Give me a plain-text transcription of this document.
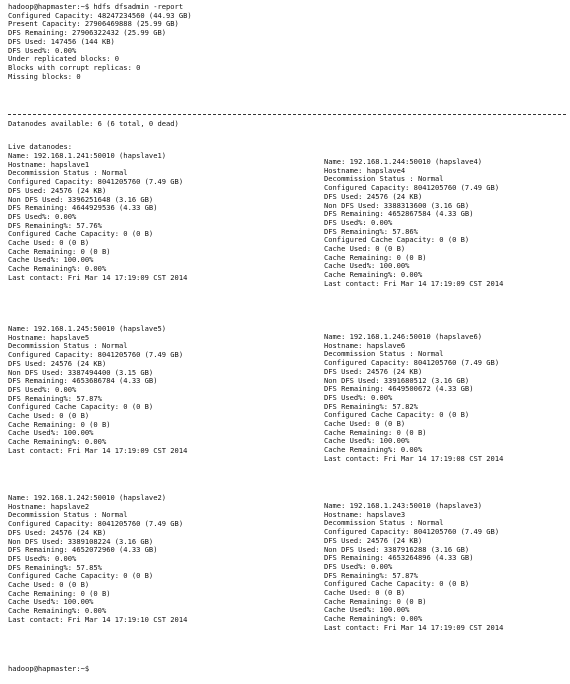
hadoop@hapmaster:~$ hdfs dfsadmin -report
Configured Capacity: 48247234560 (44.93 GB)
Present Capacity: 27906469888 (25.99 GB)
DFS Remaining: 27906322432 (25.99 GB)
DFS Used: 147456 (144 KB)
DFS Used%: 0.00%
Under replicated blocks: 0
Blocks with corrupt replicas: 0
Missing blocks: 0
Datanodes available: 6 (6 total, 0 dead)
Live datanodes:
Name: 192.168.1.241:50010 (hapslave1)
Hostname: hapslave1
Decommission Status : Normal
Configured Capacity: 8041205760 (7.49 GB)
DFS Used: 24576 (24 KB)
Non DFS Used: 3396251648 (3.16 GB)
DFS Remaining: 4644929536 (4.33 GB)
DFS Used%: 0.00%
DFS Remaining%: 57.76%
Configured Cache Capacity: 0 (0 B)
Cache Used: 0 (0 B)
Cache Remaining: 0 (0 B)
Cache Used%: 100.00%
Cache Remaining%: 0.00%
Last contact: Fri Mar 14 17:19:09 CST 2014
Name: 192.168.1.244:50010 (hapslave4)
Hostname: hapslave4
Decommission Status : Normal
Configured Capacity: 8041205760 (7.49 GB)
DFS Used: 24576 (24 KB)
Non DFS Used: 3388313600 (3.16 GB)
DFS Remaining: 4652867584 (4.33 GB)
DFS Used%: 0.00%
DFS Remaining%: 57.86%
Configured Cache Capacity: 0 (0 B)
Cache Used: 0 (0 B)
Cache Remaining: 0 (0 B)
Cache Used%: 100.00%
Cache Remaining%: 0.00%
Last contact: Fri Mar 14 17:19:09 CST 2014
Name: 192.168.1.245:50010 (hapslave5)
Hostname: hapslave5
Decommission Status : Normal
Configured Capacity: 8041205760 (7.49 GB)
DFS Used: 24576 (24 KB)
Non DFS Used: 3387494400 (3.15 GB)
DFS Remaining: 4653686784 (4.33 GB)
DFS Used%: 0.00%
DFS Remaining%: 57.87%
Configured Cache Capacity: 0 (0 B)
Cache Used: 0 (0 B)
Cache Remaining: 0 (0 B)
Cache Used%: 100.00%
Cache Remaining%: 0.00%
Last contact: Fri Mar 14 17:19:09 CST 2014
Name: 192.168.1.246:50010 (hapslave6)
Hostname: hapslave6
Decommission Status : Normal
Configured Capacity: 8041205760 (7.49 GB)
DFS Used: 24576 (24 KB)
Non DFS Used: 3391680512 (3.16 GB)
DFS Remaining: 4649500672 (4.33 GB)
DFS Used%: 0.00%
DFS Remaining%: 57.82%
Configured Cache Capacity: 0 (0 B)
Cache Used: 0 (0 B)
Cache Remaining: 0 (0 B)
Cache Used%: 100.00%
Cache Remaining%: 0.00%
Last contact: Fri Mar 14 17:19:08 CST 2014
Name: 192.168.1.242:50010 (hapslave2)
Hostname: hapslave2
Decommission Status : Normal
Configured Capacity: 8041205760 (7.49 GB)
DFS Used: 24576 (24 KB)
Non DFS Used: 3389108224 (3.16 GB)
DFS Remaining: 4652072960 (4.33 GB)
DFS Used%: 0.00%
DFS Remaining%: 57.85%
Configured Cache Capacity: 0 (0 B)
Cache Used: 0 (0 B)
Cache Remaining: 0 (0 B)
Cache Used%: 100.00%
Cache Remaining%: 0.00%
Last contact: Fri Mar 14 17:19:10 CST 2014
Name: 192.168.1.243:50010 (hapslave3)
Hostname: hapslave3
Decommission Status : Normal
Configured Capacity: 8041205760 (7.49 GB)
DFS Used: 24576 (24 KB)
Non DFS Used: 3387916288 (3.16 GB)
DFS Remaining: 4653264896 (4.33 GB)
DFS Used%: 0.00%
DFS Remaining%: 57.87%
Configured Cache Capacity: 0 (0 B)
Cache Used: 0 (0 B)
Cache Remaining: 0 (0 B)
Cache Used%: 100.00%
Cache Remaining%: 0.00%
Last contact: Fri Mar 14 17:19:09 CST 2014
hadoop@hapmaster:~$
